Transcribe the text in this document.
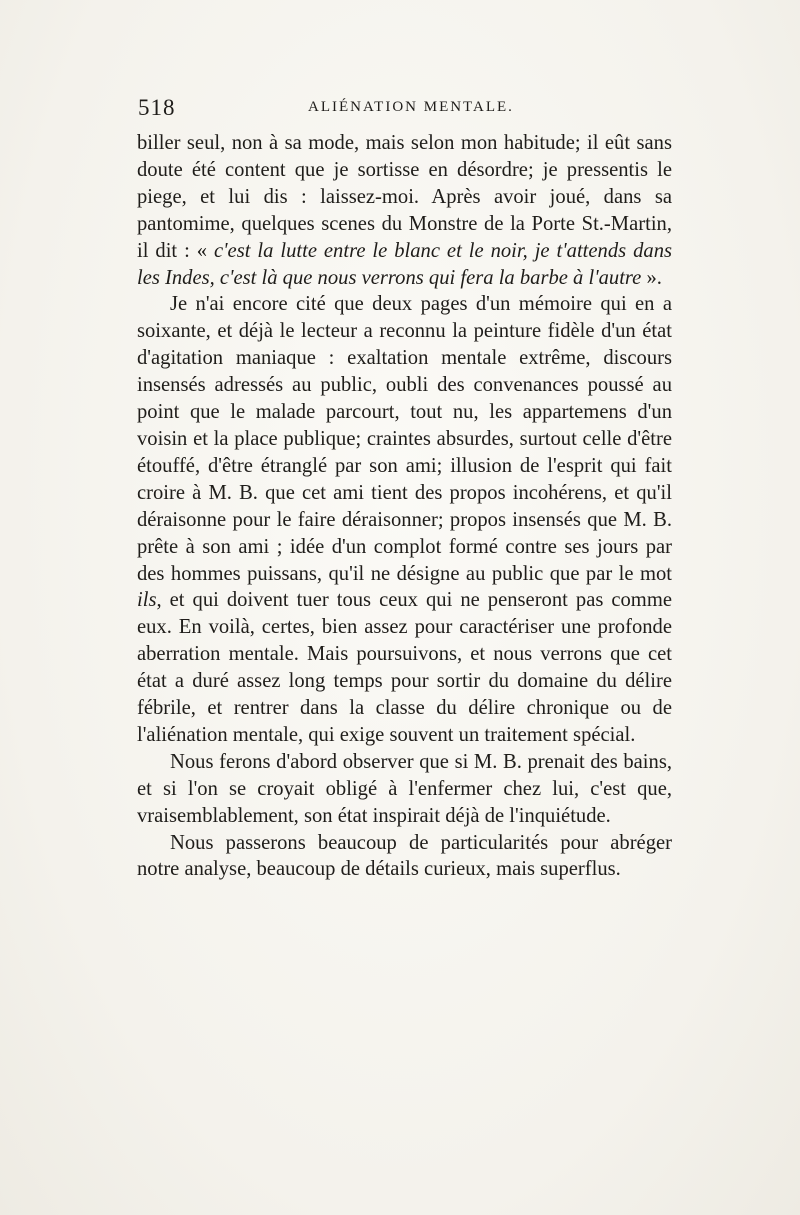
518	ALIÉNATION MENTALE.

biller seul, non à sa mode, mais selon mon habitude; il eût sans doute été content que je sortisse en désordre; je pressentis le piege, et lui dis : laissez-moi. Après avoir joué, dans sa pantomime, quelques scenes du Monstre de la Porte St.-Martin, il dit : « c'est la lutte entre le blanc et le noir, je t'attends dans les Indes, c'est là que nous verrons qui fera la barbe à l'autre ».

Je n'ai encore cité que deux pages d'un mémoire qui en a soixante, et déjà le lecteur a reconnu la peinture fidèle d'un état d'agitation maniaque : exaltation mentale extrême, discours insensés adressés au public, oubli des convenances poussé au point que le malade parcourt, tout nu, les appartemens d'un voisin et la place publique; craintes absurdes, surtout celle d'être étouffé, d'être étranglé par son ami; illusion de l'esprit qui fait croire à M. B. que cet ami tient des propos incohérens, et qu'il déraisonne pour le faire déraisonner; propos insensés que M. B. prête à son ami ; idée d'un complot formé contre ses jours par des hommes puissans, qu'il ne désigne au public que par le mot ils, et qui doivent tuer tous ceux qui ne penseront pas comme eux. En voilà, certes, bien assez pour caractériser une profonde aberration mentale. Mais poursuivons, et nous verrons que cet état a duré assez long temps pour sortir du domaine du délire fébrile, et rentrer dans la classe du délire chronique ou de l'aliénation mentale, qui exige souvent un traitement spécial.

Nous ferons d'abord observer que si M. B. prenait des bains, et si l'on se croyait obligé à l'enfermer chez lui, c'est que, vraisemblablement, son état inspirait déjà de l'inquiétude.

Nous passerons beaucoup de particularités pour abréger notre analyse, beaucoup de détails curieux, mais superflus.
